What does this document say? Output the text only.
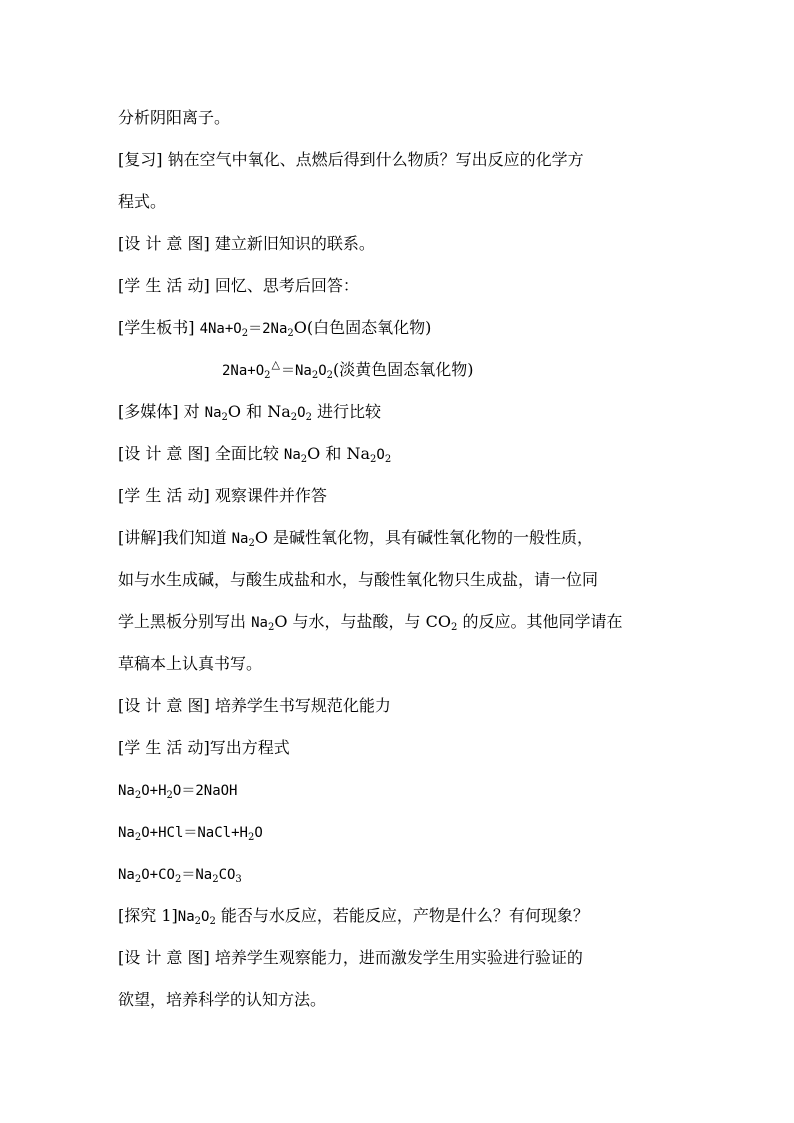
分析阴阳离子。
[复习] 钠在空气中氧化、点燃后得到什么物质？写出反应的化学方
程式。
[设 计 意 图] 建立新旧知识的联系。
[学 生 活 动] 回忆、思考后回答：
[学生板书] $4Na+O_2=2Na_2O$(白色固态氧化物)
$2Na+O_2^\triangle=Na_2O_2$(淡黄色固态氧化物)
[多媒体] 对 $Na_2O$ 和 $Na_2O_2$ 进行比较
[设 计 意 图] 全面比较 $Na_2O$ 和 $Na_2O_2$
[学 生 活 动] 观察课件并作答
[讲解]我们知道 $Na_2O$ 是碱性氧化物，具有碱性氧化物的一般性质，
如与水生成碱，与酸生成盐和水，与酸性氧化物只生成盐，请一位同
学上黑板分别写出 $Na_2O$ 与水，与盐酸，与 $CO_2$ 的反应。其他同学请在
草稿本上认真书写。
[设 计 意 图] 培养学生书写规范化能力
[学 生 活 动]写出方程式
$Na_2O+H_2O=2NaOH$
$Na_2O+HCl=NaCl+H_2O$
$Na_2O+CO_2=Na_2CO_3$
[探究 $1]Na_2O_2$ 能否与水反应，若能反应，产物是什么？有何现象？
[设 计 意 图] 培养学生观察能力，进而激发学生用实验进行验证的
欲望，培养科学的认知方法。
